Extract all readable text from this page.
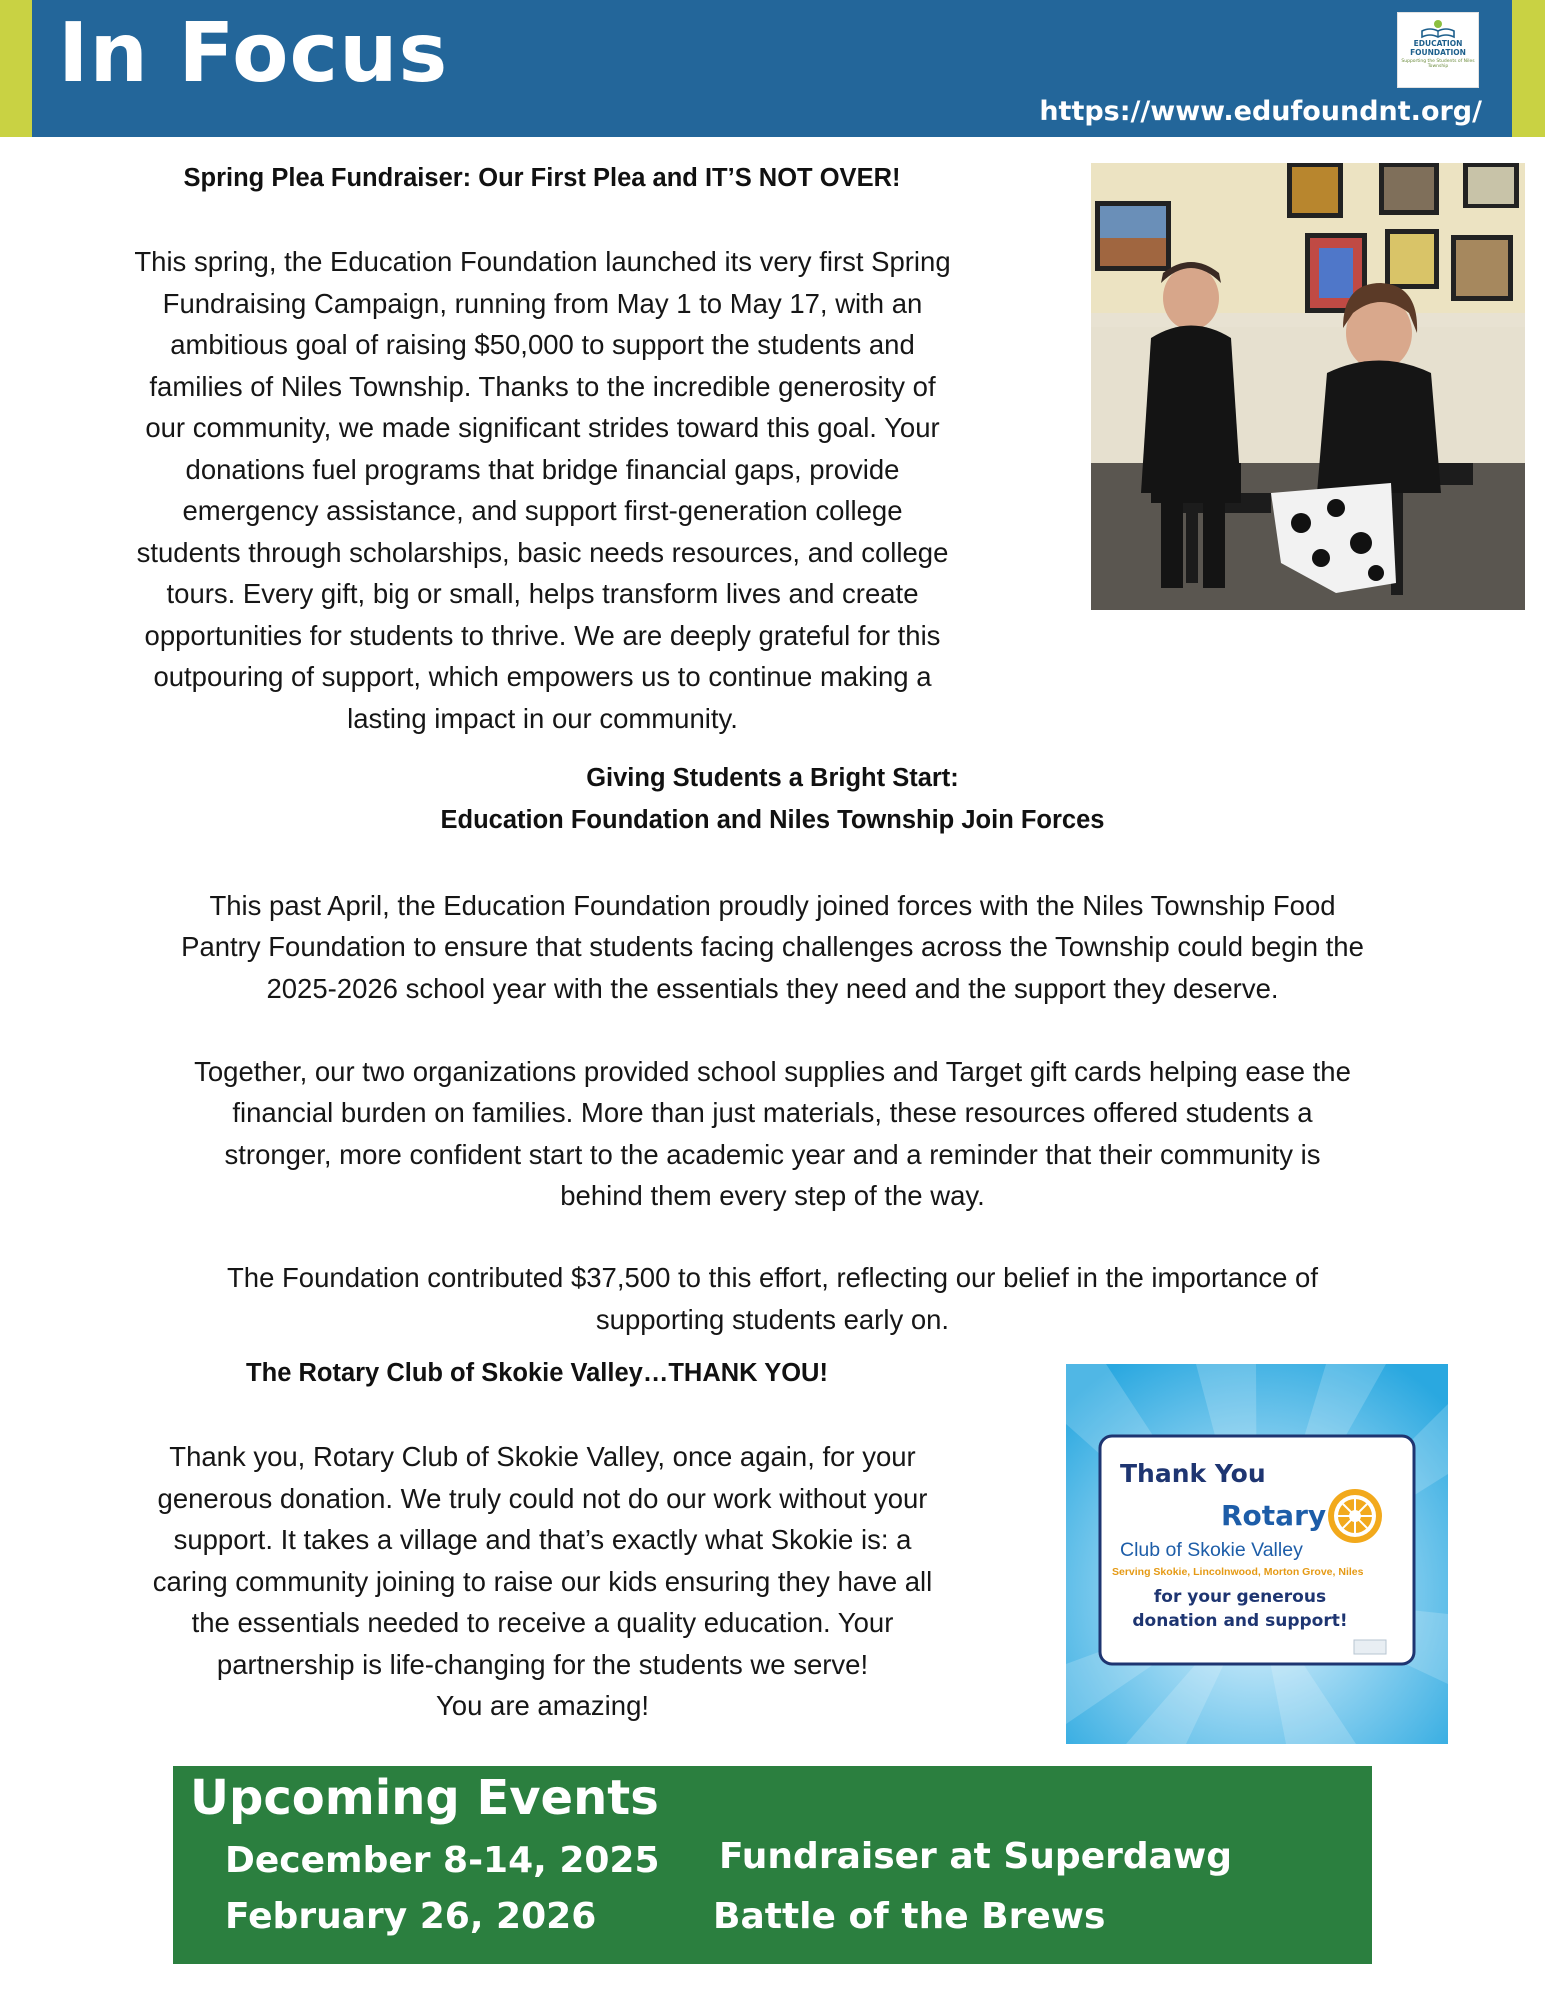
In Focus
https://www.edufoundnt.org/
EDUCATION
FOUNDATION
Supporting the Students of Niles Township
Spring Plea Fundraiser: Our First Plea and IT’S NOT OVER!

This spring, the Education Foundation launched its very first Spring

Fundraising Campaign, running from May 1 to May 17, with an

ambitious goal of raising $50,000 to support the students and

families of Niles Township. Thanks to the incredible generosity of

our community, we made significant strides toward this goal. Your

donations fuel programs that bridge financial gaps, provide

emergency assistance, and support first-generation college

students through scholarships, basic needs resources, and college

tours. Every gift, big or small, helps transform lives and create

opportunities for students to thrive. We are deeply grateful for this

outpouring of support, which empowers us to continue making a

lasting impact in our community.

Giving Students a Bright Start:
Education Foundation and Niles Township Join Forces

This past April, the Education Foundation proudly joined forces with the Niles Township Food

Pantry Foundation to ensure that students facing challenges across the Township could begin the

2025-2026 school year with the essentials they need and the support they deserve.

Together, our two organizations provided school supplies and Target gift cards helping ease the

financial burden on families. More than just materials, these resources offered students a

stronger, more confident start to the academic year and a reminder that their community is

behind them every step of the way.

The Foundation contributed $37,500 to this effort, reflecting our belief in the importance of

supporting students early on.

The Rotary Club of Skokie Valley…THANK YOU!

Thank you, Rotary Club of Skokie Valley, once again, for your

generous donation. We truly could not do our work without your

support. It takes a village and that’s exactly what Skokie is: a

caring community joining to raise our kids ensuring they have all

the essentials needed to receive a quality education. Your

partnership is life-changing for the students we serve!

You are amazing!

Thank You
Rotary
Club of Skokie Valley
Serving Skokie, Lincolnwood, Morton Grove, Niles
for your generous
donation and support!
Upcoming Events

December 8-14, 2025 Fundraiser at Superdawg

February 26, 2026	Battle of the Brews
